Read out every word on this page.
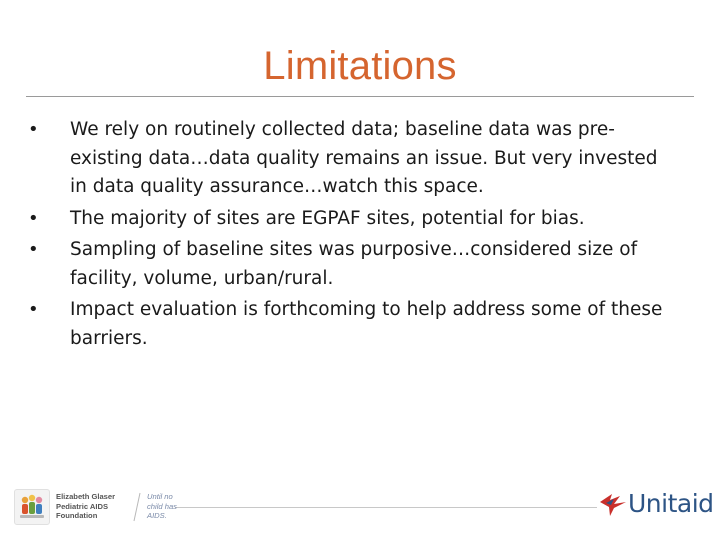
Limitations
•	We rely on routinely collected data; baseline data was pre-existing data…data quality remains an issue. But very invested in data quality assurance…watch this space.
•	The majority of sites are EGPAF sites, potential for bias.
•	Sampling of baseline sites was purposive…considered size of facility, volume, urban/rural.
•	Impact evaluation is forthcoming to help address some of these barriers.
Elizabeth Glaser
Pediatric AIDS
Foundation
Until no
child has
AIDS.	Unitaid
